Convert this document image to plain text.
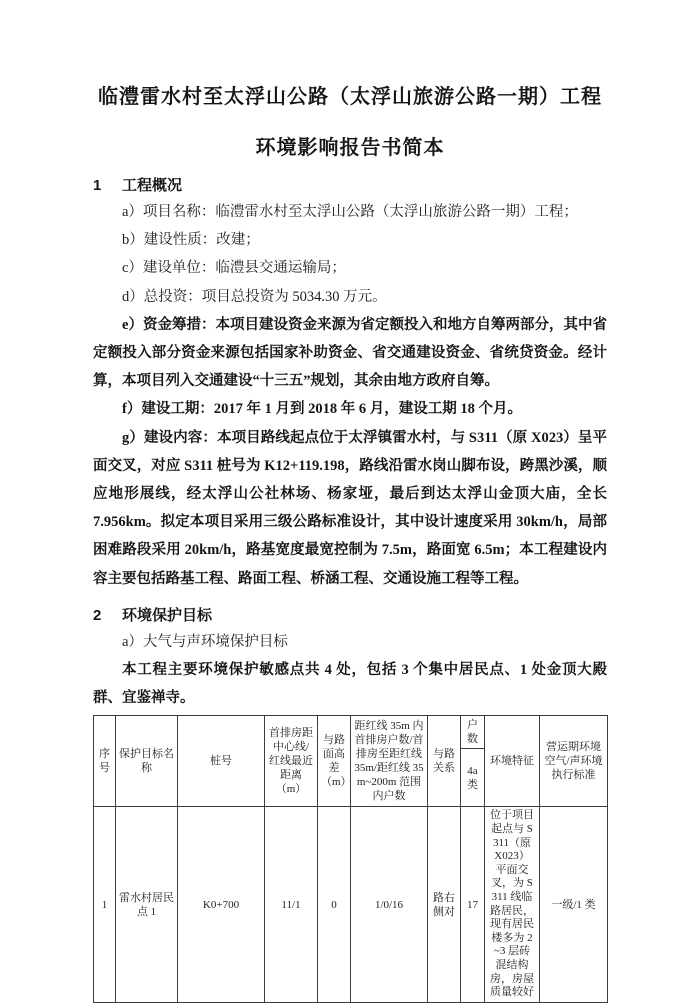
临澧雷水村至太浮山公路（太浮山旅游公路一期）工程
环境影响报告书简本
1	工程概况

a）项目名称：临澧雷水村至太浮山公路（太浮山旅游公路一期）工程；

b）建设性质：改建；

c）建设单位：临澧县交通运输局；

d）总投资：项目总投资为 5034.30 万元。

e）资金筹措：本项目建设资金来源为省定额投入和地方自筹两部分，其中省定额投入部分资金来源包括国家补助资金、省交通建设资金、省统贷资金。经计算，本项目列入交通建设“十三五”规划，其余由地方政府自筹。

f）建设工期：2017 年 1 月到 2018 年 6 月，建设工期 18 个月。

g）建设内容：本项目路线起点位于太浮镇雷水村，与 S311（原 X023）呈平面交叉，对应 S311 桩号为 K12+119.198，路线沿雷水岗山脚布设，跨黑沙溪，顺应地形展线，经太浮山公社林场、杨家垭，最后到达太浮山金顶大庙，全长 7.956km。拟定本项目采用三级公路标准设计，其中设计速度采用 30km/h，局部困难路段采用 20km/h，路基宽度最宽控制为 7.5m，路面宽 6.5m；本工程建设内容主要包括路基工程、路面工程、桥涵工程、交通设施工程等工程。

2	环境保护目标

a）大气与声环境保护目标

本工程主要环境保护敏感点共 4 处，包括 3 个集中居民点、1 处金顶大殿群、宜鉴禅寺。

序号	保护目标名称	桩号	首排房距中心线/红线最近距离（m）	与路面高差（m）	距红线 35m 内首排房户数/首排房至距红线 35m/距红线 35m~200m 范围内户数	与路关系	户数	环境特征	营运期环境空气/声环境执行标准
							4a 类		
1	雷水村居民点 1	K0+700	11/1	0	1/0/16	路右侧对	17	位于项目起点与 S311（原 X023）平面交叉，为 S311 线临路居民，现有居民楼多为 2~3 层砖混结构房，房屋质量较好	一级/1 类
